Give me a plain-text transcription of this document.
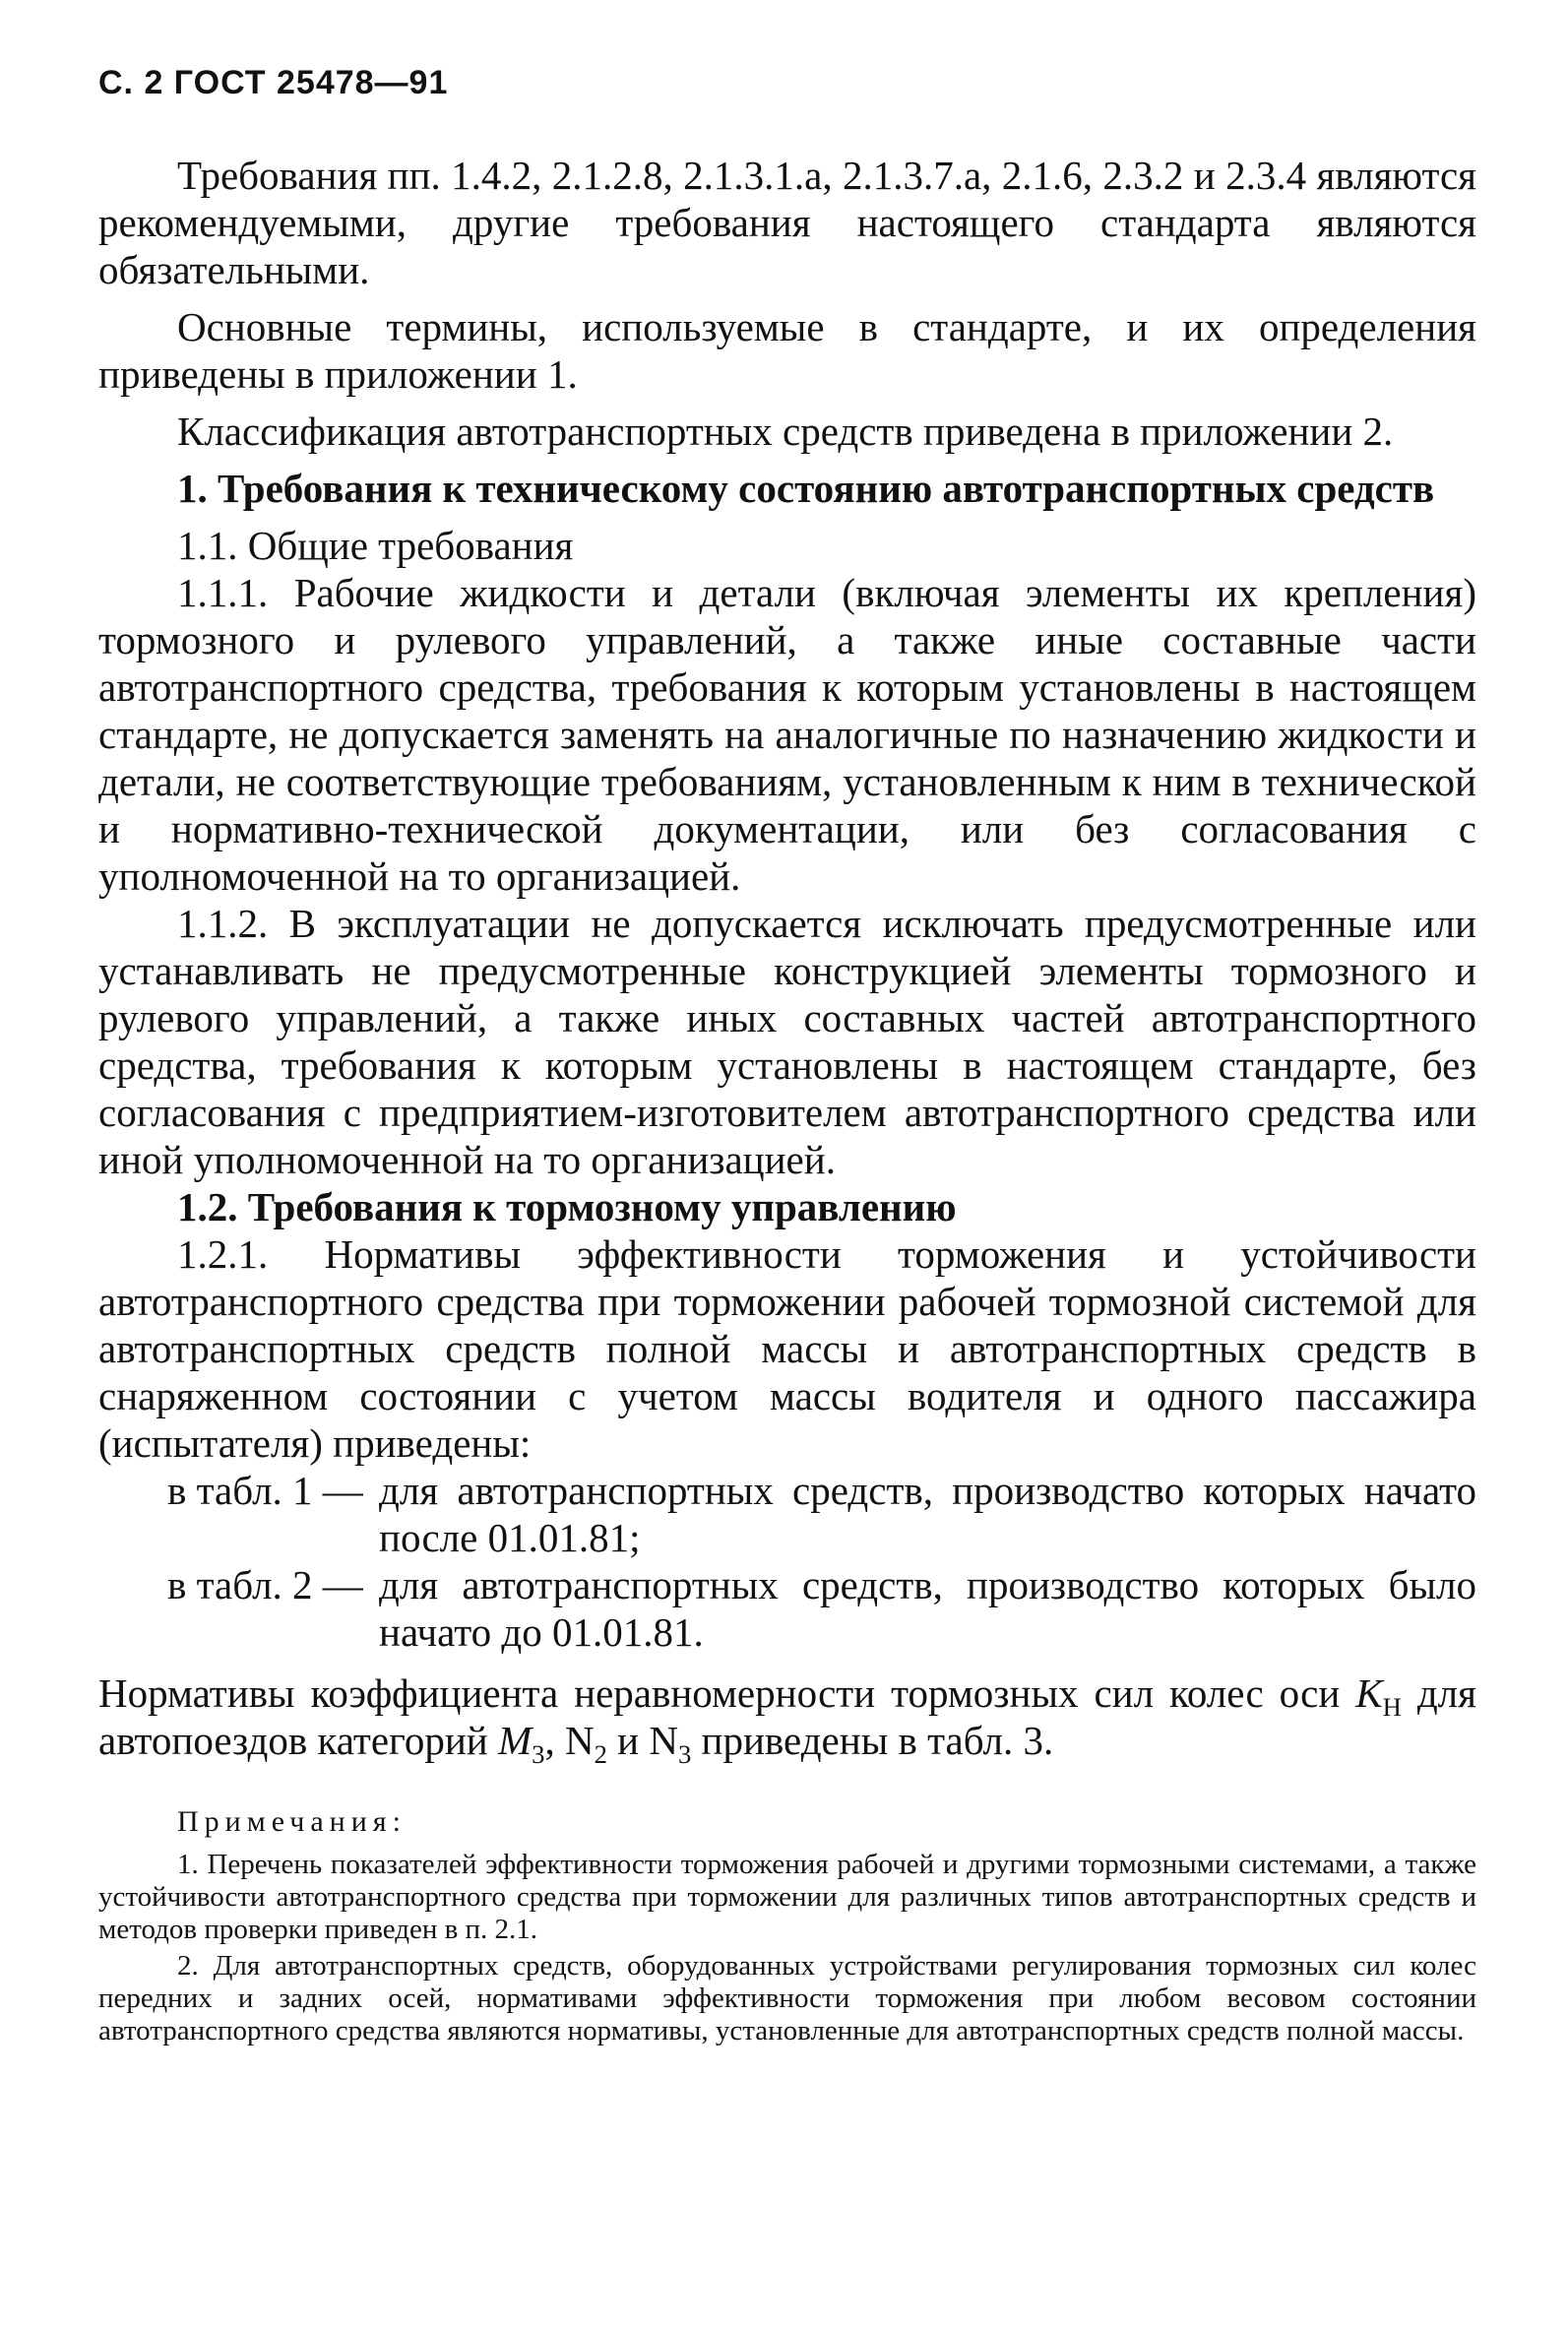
С. 2 ГОСТ 25478—91

Требования пп. 1.4.2, 2.1.2.8, 2.1.3.1.а, 2.1.3.7.а, 2.1.6, 2.3.2 и 2.3.4 являются рекомендуемыми, другие требования настоящего стандарта являются обязательными.

Основные термины, используемые в стандарте, и их определения приведены в приложении 1.

Классификация автотранспортных средств приведена в приложении 2.

1. Требования к техническому состоянию автотранспортных средств

1.1. Общие требования

1.1.1. Рабочие жидкости и детали (включая элементы их крепления) тормозного и рулевого управлений, а также иные составные части автотранспортного средства, требования к которым установлены в настоящем стандарте, не допускается заменять на аналогичные по назначению жидкости и детали, не соответствующие требованиям, установленным к ним в технической и нормативно-технической документации, или без согласования с уполномоченной на то организацией.

1.1.2. В эксплуатации не допускается исключать предусмотренные или устанавливать не предусмотренные конструкцией элементы тормозного и рулевого управлений, а также иных составных частей автотранспортного средства, требования к которым установлены в настоящем стандарте, без согласования с предприятием-изготовителем автотранспортного средства или иной уполномоченной на то организацией.

1.2. Требования к тормозному управлению

1.2.1. Нормативы эффективности торможения и устойчивости автотранспортного средства при торможении рабочей тормозной системой для автотранспортных средств полной массы и автотранспортных средств в снаряженном состоянии с учетом массы водителя и одного пассажира (испытателя) приведены:

в табл. 1 — для автотранспортных средств, производство которых начато после 01.01.81;
в табл. 2 — для автотранспортных средств, производство которых было начато до 01.01.81.

Нормативы коэффициента неравномерности тормозных сил колес оси $K_Н$ для автопоездов категорий $M_3$, $N_2$ и $N_3$ приведены в табл. 3.

Примечания:

1. Перечень показателей эффективности торможения рабочей и другими тормозными системами, а также устойчивости автотранспортного средства при торможении для различных типов автотранспортных средств и методов проверки приведен в п. 2.1.

2. Для автотранспортных средств, оборудованных устройствами регулирования тормозных сил колес передних и задних осей, нормативами эффективности торможения при любом весовом состоянии автотранспортного средства являются нормативы, установленные для автотранспортных средств полной массы.
